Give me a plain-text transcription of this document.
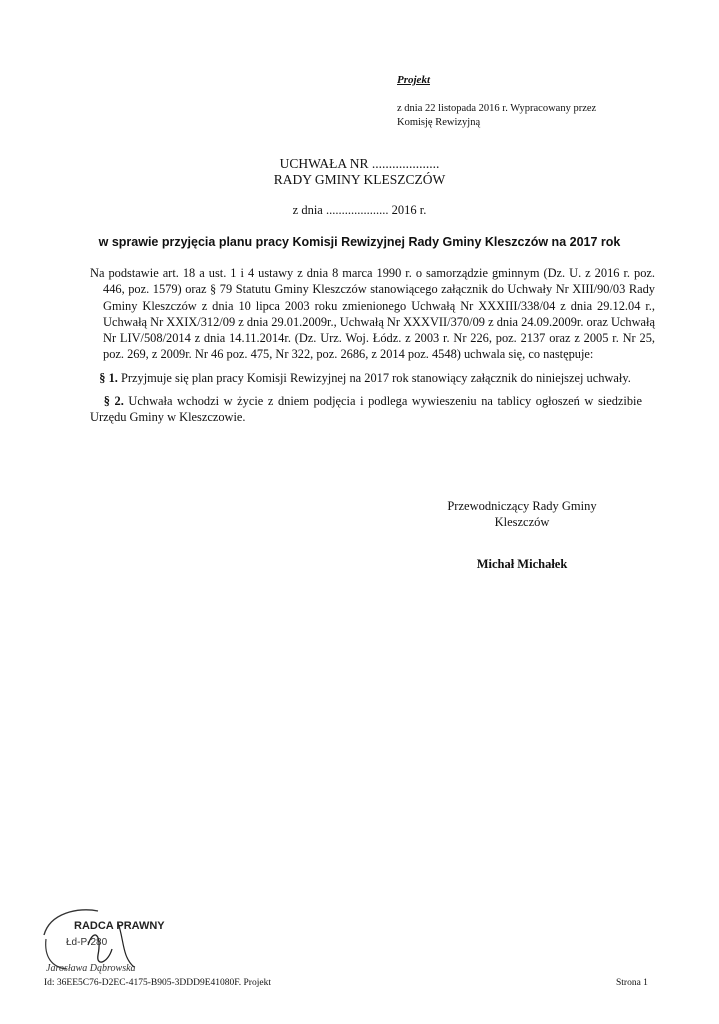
Projekt
z dnia 22 listopada 2016 r. Wypracowany przez
Komisję Rewizyjną
UCHWAŁA NR ....................
RADY GMINY KLESZCZÓW
z dnia .................... 2016 r.
w sprawie przyjęcia planu pracy Komisji Rewizyjnej Rady Gminy Kleszczów na 2017 rok

Na podstawie art. 18 a ust. 1 i 4 ustawy z dnia 8 marca 1990 r. o samorządzie gminnym (Dz. U. z 2016 r. poz. 446, poz. 1579) oraz § 79 Statutu Gminy Kleszczów stanowiącego załącznik do Uchwały Nr XIII/90/03 Rady Gminy Kleszczów z dnia 10 lipca 2003 roku zmienionego Uchwałą Nr XXXIII/338/04 z dnia 29.12.04 r., Uchwałą Nr XXIX/312/09 z dnia 29.01.2009r., Uchwałą Nr XXXVII/370/09 z dnia 24.09.2009r. oraz Uchwałą Nr LIV/508/2014 z dnia 14.11.2014r. (Dz. Urz. Woj. Łódz. z 2003 r. Nr 226, poz. 2137 oraz z 2005 r. Nr 25, poz. 269, z 2009r. Nr 46 poz. 475, Nr 322, poz. 2686, z 2014 poz. 4548) uchwala się, co następuje:

§ 1. Przyjmuje się plan pracy Komisji Rewizyjnej na 2017 rok stanowiący załącznik do niniejszej uchwały.
§ 2. Uchwała wchodzi w życie z dniem podjęcia i podlega wywieszeniu na tablicy ogłoszeń w siedzibie Urzędu Gminy w Kleszczowie.
Przewodniczący Rady Gminy
Kleszczów
Michał Michałek
RADCA PRAWNY
Łd-P-280
Jarosława Dąbrowska
Id: 36EE5C76-D2EC-4175-B905-3DDD9E41080F. Projekt	Strona 1
